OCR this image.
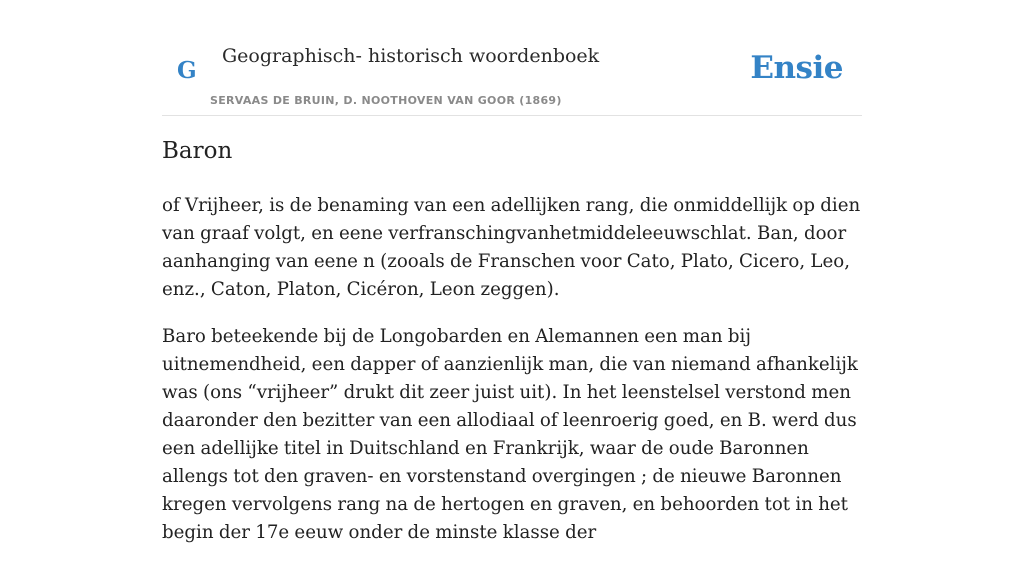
G
Geographisch- historisch woordenboek
SERVAAS DE BRUIN, D. NOOTHOVEN VAN GOOR (1869)
Ensie
Baron

of Vrijheer, is de benaming van een adellijken rang, die onmiddellijk op dien van graaf volgt, en eene verfranschingvanhetmiddeleeuwschlat. Ban, door aanhanging van eene n (zooals de Franschen voor Cato, Plato, Cicero, Leo, enz., Caton, Platon, Cicéron, Leon zeggen).

Baro beteekende bij de Longobarden en Alemannen een man bij uitnemendheid, een dapper of aanzienlijk man, die van niemand afhankelijk was (ons “vrijheer” drukt dit zeer juist uit). In het leenstelsel verstond men daaronder den bezitter van een allodiaal of leenroerig goed, en B. werd dus een adellijke titel in Duitschland en Frankrijk, waar de oude Baronnen allengs tot den graven- en vorstenstand overgingen ; de nieuwe Baronnen kregen vervolgens rang na de hertogen en graven, en behoorden tot in het begin der 17e eeuw onder de minste klasse der
